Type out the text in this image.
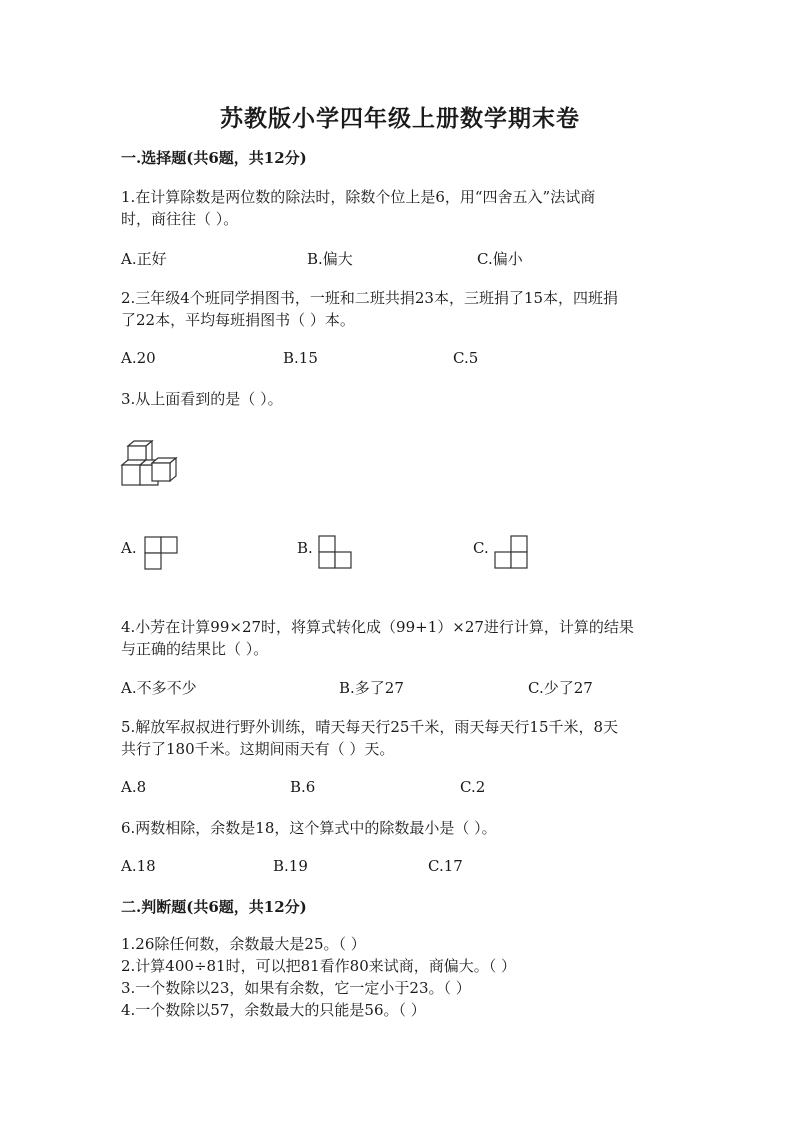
苏教版小学四年级上册数学期末卷
一.选择题(共6题，共12分)
1.在计算除数是两位数的除法时，除数个位上是6，用“四舍五入”法试商
时，商往往（ ）。
A.正好	B.偏大	C.偏小
2.三年级4个班同学捐图书，一班和二班共捐23本，三班捐了15本，四班捐
了22本，平均每班捐图书（ ）本。
A.20	B.15	C.5
3.从上面看到的是（ ）。
A.	B.	C.
4.小芳在计算99×27时，将算式转化成（99+1）×27进行计算，计算的结果
与正确的结果比（ ）。
A.不多不少	B.多了27	C.少了27
5.解放军叔叔进行野外训练，晴天每天行25千米，雨天每天行15千米，8天
共行了180千米。这期间雨天有（ ）天。
A.8	B.6	C.2
6.两数相除，余数是18，这个算式中的除数最小是（ ）。
A.18	B.19	C.17
二.判断题(共6题，共12分)
1.26除任何数，余数最大是25。（ ）
2.计算400÷81时，可以把81看作80来试商，商偏大。（ ）
3.一个数除以23，如果有余数，它一定小于23。（ ）
4.一个数除以57，余数最大的只能是56。（ ）
